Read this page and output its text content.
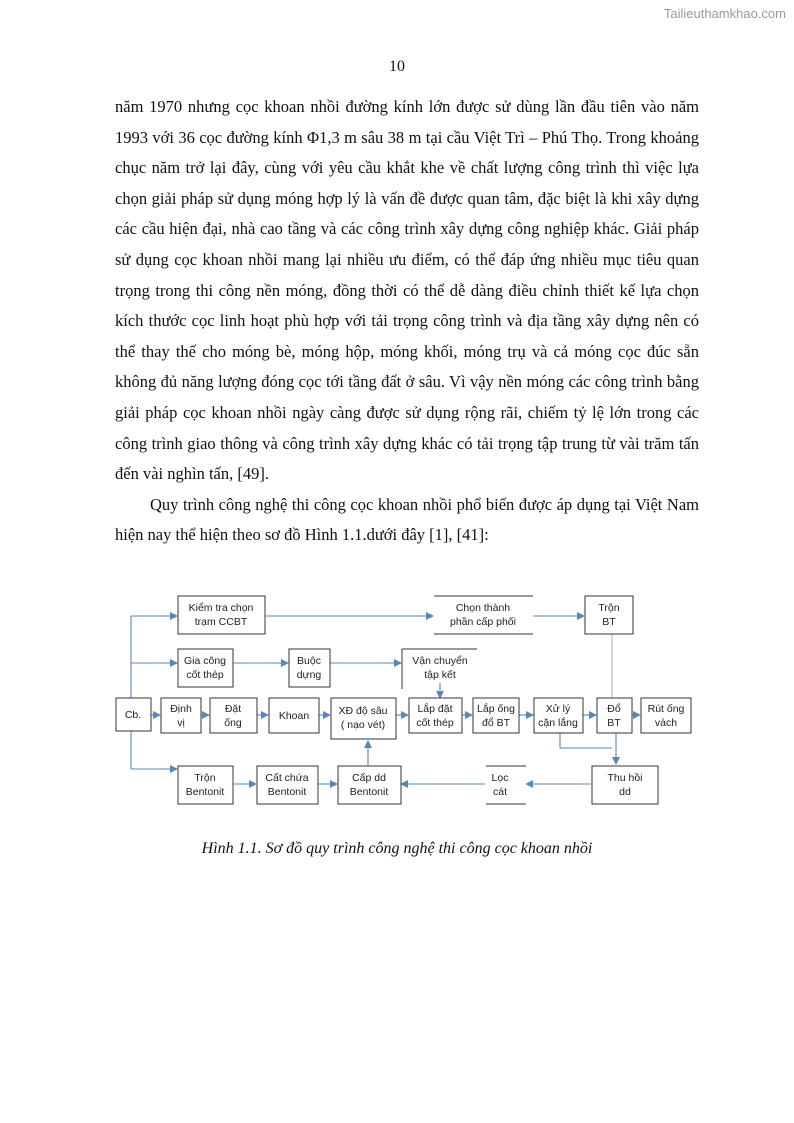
Tailieuthamkhao.com
10

năm 1970 nhưng cọc khoan nhồi đường kính lớn được sử dùng lần đầu tiên vào năm 1993 với 36 cọc đường kính Φ1,3 m sâu 38 m tại cầu Việt Trì – Phú Thọ. Trong khoảng chục năm trở lại đây, cùng với yêu cầu khắt khe về chất lượng công trình thì việc lựa chọn giải pháp sử dụng móng hợp lý là vấn đề được quan tâm, đặc biệt là khi xây dựng các cầu hiện đại, nhà cao tầng và các công trình xây dựng công nghiệp khác. Giải pháp sử dụng cọc khoan nhồi mang lại nhiều ưu điểm, có thể đáp ứng nhiều mục tiêu quan trọng trong thi công nền móng, đồng thời có thể dễ dàng điều chỉnh thiết kế lựa chọn kích thước cọc linh hoạt phù hợp với tải trọng công trình và địa tầng xây dựng nên có thể thay thế cho móng bè, móng hộp, móng khối, móng trụ và cả móng cọc đúc sẵn không đủ năng lượng đóng cọc tới tầng đất ở sâu. Vì vậy nền móng các công trình bằng giải pháp cọc khoan nhồi ngày càng được sử dụng rộng rãi, chiếm tỷ lệ lớn trong các công trình giao thông và công trình xây dựng khác có tải trọng tập trung từ vài trăm tấn đến vài nghìn tấn, [49].

Quy trình công nghệ thi công cọc khoan nhồi phổ biến được áp dụng tại Việt Nam hiện nay thể hiện theo sơ đồ Hình 1.1.dưới đây [1], [41]:

Kiểm tra chọn
trạm CCBT
Chọn thành
phần cấp phối
Trộn
BT
Gia công
cốt thép
Buộc
dựng
Vận chuyển
tập kết
Cb.	Định
vị
Đặt
ống
Khoan	XĐ độ sâu
( nạo vét)
Lắp đặt
cốt thép
Lắp ống
đổ BT
Xử lý
cặn lắng
Đổ
BT
Rút ống
vách
Trộn
Bentonit
Cất chứa
Bentonit
Cấp dd
Bentonit
Lọc
cát
Thu hồi
dd
Hình 1.1. Sơ đồ quy trình công nghệ thi công cọc khoan nhồi
